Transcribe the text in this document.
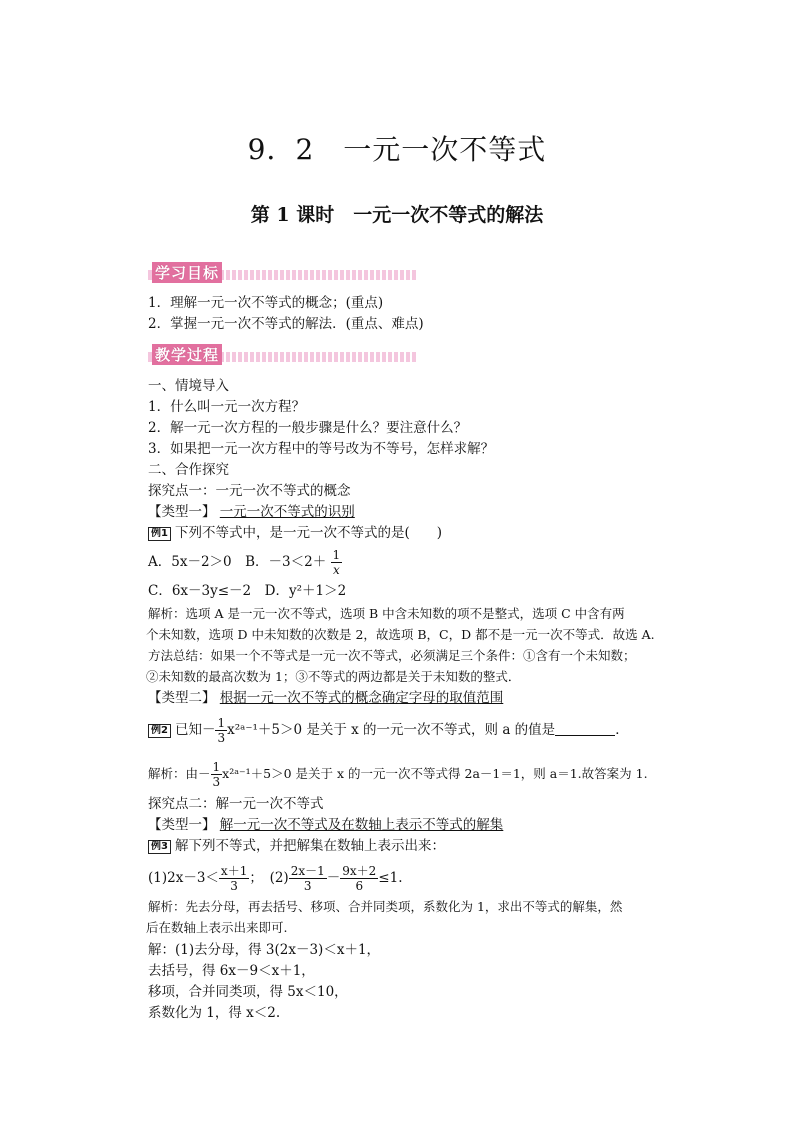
9．2　一元一次不等式
第 1 课时　一元一次不等式的解法
学习目标
1．理解一元一次不等式的概念；(重点)
2．掌握一元一次不等式的解法．(重点、难点)
教学过程
一、情境导入
1．什么叫一元一次方程？
2．解一元一次方程的一般步骤是什么？要注意什么？
3．如果把一元一次方程中的等号改为不等号，怎样求解？
二、合作探究
探究点一：一元一次不等式的概念
【类型一】 一元一次不等式的识别
例1 下列不等式中，是一元一次不等式的是(　　)
A．5x－2＞0　B．$-3<2+ \frac{1}{x}$
C．6x－3y≤－2　D．y²＋1＞2
解析：选项 A 是一元一次不等式，选项 B 中含未知数的项不是整式，选项 C 中含有两
个未知数，选项 D 中未知数的次数是 2，故选项 B，C，D 都不是一元一次不等式．故选 A.
方法总结：如果一个不等式是一元一次不等式，必须满足三个条件：①含有一个未知数；
②未知数的最高次数为 1；③不等式的两边都是关于未知数的整式．
【类型二】 根据一元一次不等式的概念确定字母的取值范围
例2 已知－ $\frac{1}{3}$ x²ᵃ⁻¹＋5＞0 是关于 x 的一元一次不等式，则 a 的值是	．
解析：由－ $\frac{1}{3}$ x²ᵃ⁻¹＋5＞0 是关于 x 的一元一次不等式得 2a－1＝1，则 a＝1.故答案为 1.
探究点二：解一元一次不等式
【类型一】 解一元一次不等式及在数轴上表示不等式的解集
例3 解下列不等式，并把解集在数轴上表示出来：
$(1)2x-3< \frac{x+1}{3}$ ；　$(2) \frac{2x-1}{3} - \frac{9x+2}{6} \le 1$.
解析：先去分母，再去括号、移项、合并同类项，系数化为 1，求出不等式的解集，然
后在数轴上表示出来即可.
解：(1)去分母，得 3(2x－3)＜x＋1，
去括号，得 6x－9＜x＋1，
移项，合并同类项，得 5x＜10，
系数化为 1，得 x＜2.
